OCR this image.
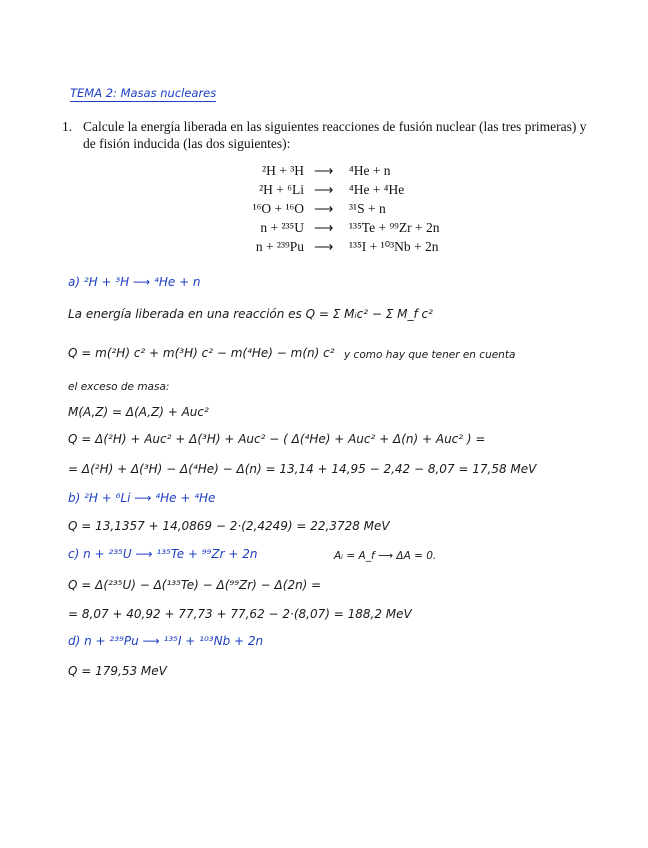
TEMA 2: Masas nucleares
1. Calcule la energía liberada en las siguientes reacciones de fusión nuclear (las tres primeras) y de fisión inducida (las dos siguientes):
²H + ³H ⟶ ⁴He + n
²H + ⁶Li ⟶ ⁴He + ⁴He
¹⁶O + ¹⁶O ⟶ ³¹S + n
n + ²³⁵U ⟶ ¹³⁵Te + ⁹⁹Zr + 2n
n + ²³⁹Pu ⟶ ¹³⁵I + ¹⁰³Nb + 2n
a) ²H + ³H ⟶ ⁴He + n
La energía liberada en una reacción es Q = Σ Mᵢc² − Σ M_f c²
Q = m(²H) c² + m(³H) c² − m(⁴He) − m(n) c² y como hay que tener en cuenta
el exceso de masa:
M(A,Z) = Δ(A,Z) + Auc²
Q = Δ(²H) + Auc² + Δ(³H) + Auc² − ( Δ(⁴He) + Auc² + Δ(n) + Auc² ) =
= Δ(²H) + Δ(³H) − Δ(⁴He) − Δ(n) = 13,14 + 14,95 − 2,42 − 8,07 = 17,58 MeV
b) ²H + ⁶Li ⟶ ⁴He + ⁴He
Q = 13,1357 + 14,0869 − 2·(2,4249) = 22,3728 MeV
c) n + ²³⁵U ⟶ ¹³⁵Te + ⁹⁹Zr + 2n	Aᵢ = A_f ⟶ ΔA = 0.
Q = Δ(²³⁵U) − Δ(¹³⁵Te) − Δ(⁹⁹Zr) − Δ(2n) =
= 8,07 + 40,92 + 77,73 + 77,62 − 2·(8,07) = 188,2 MeV
d) n + ²³⁹Pu ⟶ ¹³⁵I + ¹⁰³Nb + 2n
Q = 179,53 MeV
